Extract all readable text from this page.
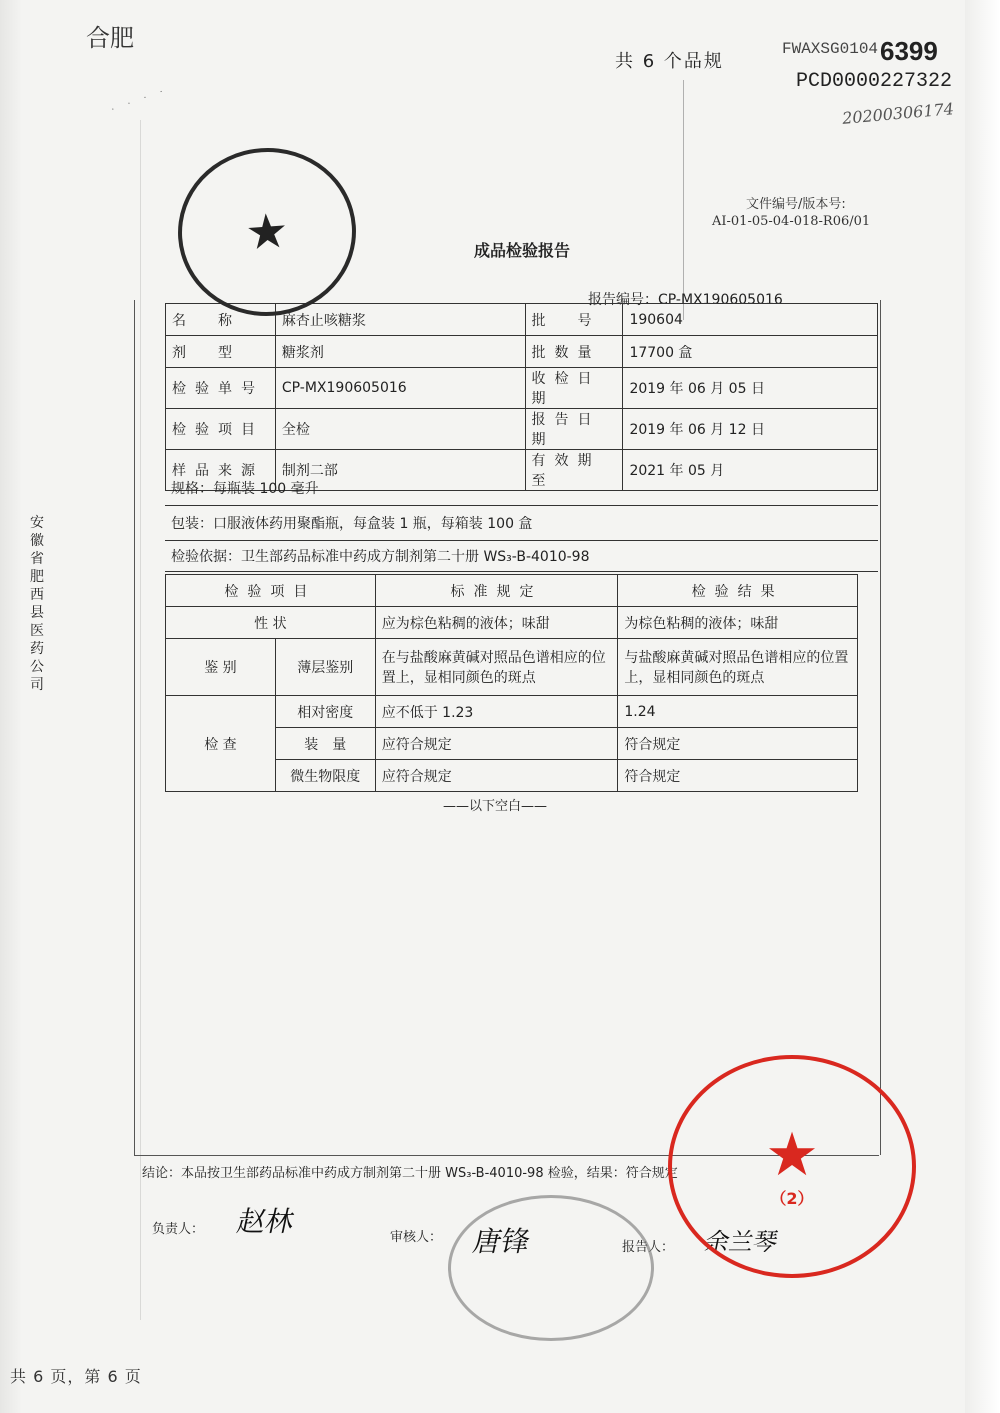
合肥
共 6 个品规
FWAXSG0104 6399
PCD0000227322
20200306174
· · · ·
文件编号/版本号:
AI-01-05-04-018-R06/01
成品检验报告
报告编号：CP-MX190605016
名　称	麻杏止咳糖浆	批　号	190604
剂　型	糖浆剂	批数量	17700 盒
检验单号	CP-MX190605016	收检日期	2019 年 06 月 05 日
检验项目	全检	报告日期	2019 年 06 月 12 日
样品来源	制剂二部	有效期至	2021 年 05 月
规格：每瓶装 100 毫升
包装：口服液体药用聚酯瓶，每盒装 1 瓶，每箱装 100 盒
检验依据：卫生部药品标准中药成方制剂第二十册 WS₃-B-4010-98
检验项目		标准规定	检验结果
性 状		应为棕色粘稠的液体；味甜	为棕色粘稠的液体；味甜
鉴 别	薄层鉴别	在与盐酸麻黄碱对照品色谱相应的位置上，显相同颜色的斑点	与盐酸麻黄碱对照品色谱相应的位置上，显相同颜色的斑点
检 查	相对密度	应不低于 1.23	1.24
	装　量	应符合规定	符合规定
	微生物限度	应符合规定	符合规定
——以下空白——
结论：本品按卫生部药品标准中药成方制剂第二十册 WS₃-B-4010-98 检验，结果：符合规定
负责人： 赵林	审核人： 唐锋	报告人： 余兰琴
★
★
（2）
安徽省肥西县医药公司
共 6 页，第 6 页
